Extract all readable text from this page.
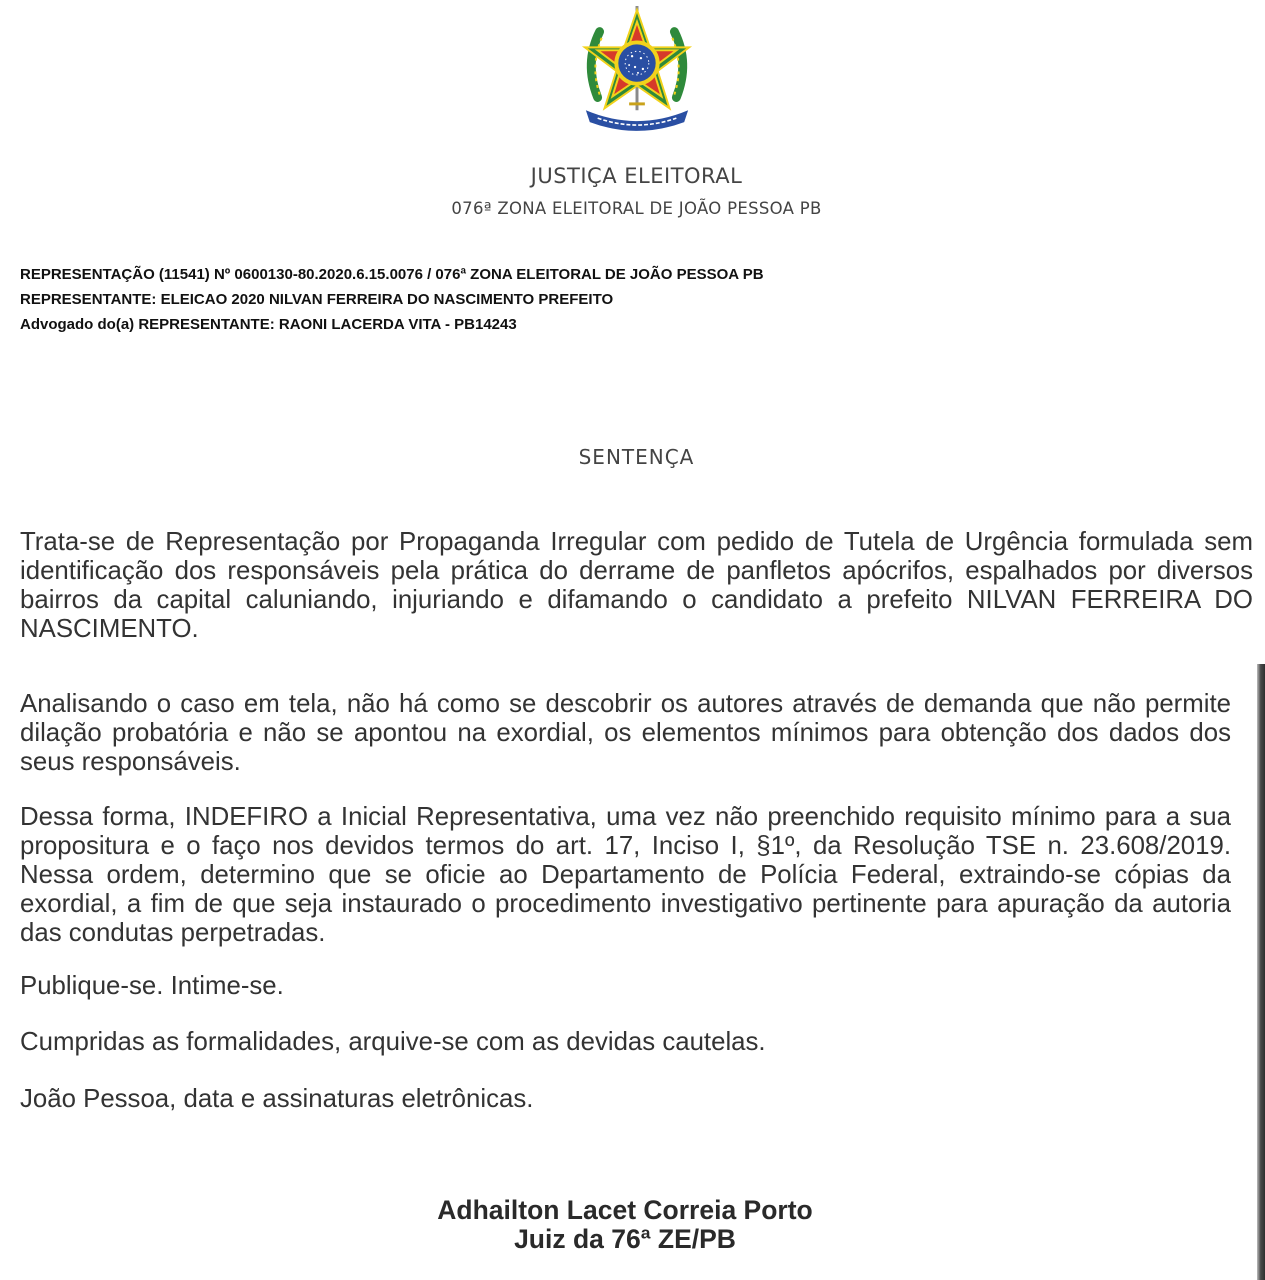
JUSTIÇA ELEITORAL
076ª ZONA ELEITORAL DE JOÃO PESSOA PB
REPRESENTAÇÃO (11541) Nº 0600130-80.2020.6.15.0076 / 076ª ZONA ELEITORAL DE JOÃO PESSOA PB
REPRESENTANTE: ELEICAO 2020 NILVAN FERREIRA DO NASCIMENTO PREFEITO
Advogado do(a) REPRESENTANTE: RAONI LACERDA VITA - PB14243
SENTENÇA

Trata-se de Representação por Propaganda Irregular com pedido de Tutela de Urgência formulada sem identificação dos responsáveis pela prática do derrame de panfletos apócrifos, espalhados por diversos bairros da capital caluniando, injuriando e difamando o candidato a prefeito NILVAN FERREIRA DO NASCIMENTO.

Analisando o caso em tela, não há como se descobrir os autores através de demanda que não permite dilação probatória e não se apontou na exordial, os elementos mínimos para obtenção dos dados dos seus responsáveis.

Dessa forma, INDEFIRO a Inicial Representativa, uma vez não preenchido requisito mínimo para a sua propositura e o faço nos devidos termos do art. 17, Inciso I, §1º, da Resolução TSE n. 23.608/2019. Nessa ordem, determino que se oficie ao Departamento de Polícia Federal, extraindo-se cópias da exordial, a fim de que seja instaurado o procedimento investigativo pertinente para apuração da autoria das condutas perpetradas.

Publique-se. Intime-se.

Cumpridas as formalidades, arquive-se com as devidas cautelas.

João Pessoa, data e assinaturas eletrônicas.

Adhailton Lacet Correia Porto
Juiz da 76ª ZE/PB
